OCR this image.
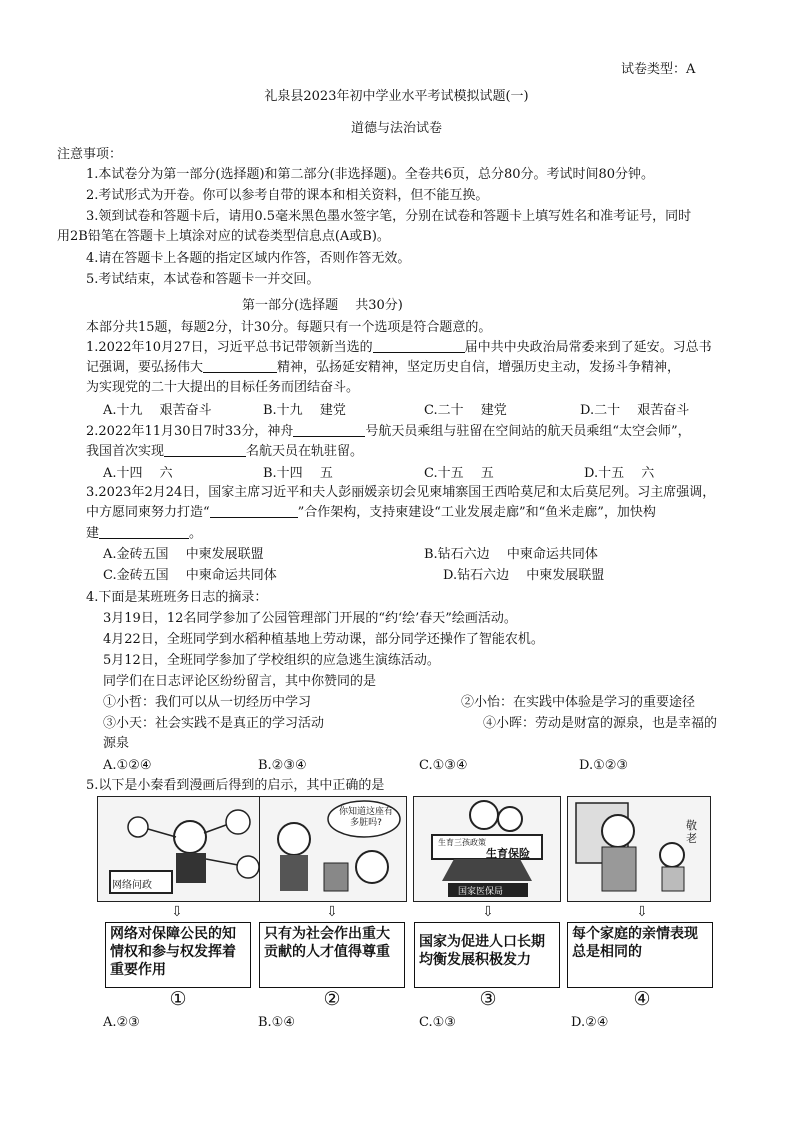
试卷类型：A
礼泉县2023年初中学业水平考试模拟试题(一)
道德与法治试卷
注意事项：
1.本试卷分为第一部分(选择题)和第二部分(非选择题)。全卷共6页，总分80分。考试时间80分钟。
2.考试形式为开卷。你可以参考自带的课本和相关资料，但不能互换。
3.领到试卷和答题卡后，请用0.5毫米黑色墨水签字笔，分别在试卷和答题卡上填写姓名和准考证号，同时
用2B铅笔在答题卡上填涂对应的试卷类型信息点(A或B)。
4.请在答题卡上各题的指定区域内作答，否则作答无效。
5.考试结束，本试卷和答题卡一并交回。
第一部分(选择题　 共30分)
本部分共15题，每题2分，计30分。每题只有一个选项是符合题意的。
1.2022年10月27日，习近平总书记带领新当选的	届中共中央政治局常委来到了延安。习总书
记强调，要弘扬伟大	精神，弘扬延安精神，坚定历史自信，增强历史主动，发扬斗争精神，
为实现党的二十大提出的目标任务而团结奋斗。
A.十九　 艰苦奋斗	B.十九　 建党	C.二十　 建党	D.二十　 艰苦奋斗
2.2022年11月30日7时33分，神舟	号航天员乘组与驻留在空间站的航天员乘组“太空会师”，
我国首次实现	名航天员在轨驻留。
A.十四　 六	B.十四　 五	C.十五　 五	D.十五　 六
3.2023年2月24日，国家主席习近平和夫人彭丽媛亲切会见柬埔寨国王西哈莫尼和太后莫尼列。习主席强调，
中方愿同柬努力打造“	”合作架构，支持柬建设“工业发展走廊”和“鱼米走廊”，加快构
建	。
A.金砖五国　 中柬发展联盟	B.钻石六边　 中柬命运共同体
C.金砖五国　 中柬命运共同体	D.钻石六边　 中柬发展联盟
4.下面是某班班务日志的摘录：
3月19日，12名同学参加了公园管理部门开展的“约‘绘’春天”绘画活动。
4月22日，全班同学到水稻种植基地上劳动课，部分同学还操作了智能农机。
5月12日，全班同学参加了学校组织的应急逃生演练活动。
同学们在日志评论区纷纷留言，其中你赞同的是
①小哲：我们可以从一切经历中学习	②小怡：在实践中体验是学习的重要途径
③小天：社会实践不是真正的学习活动	④小晖：劳动是财富的源泉，也是幸福的
源泉
A.①②④	B.②③④	C.①③④	D.①②③
5.以下是小秦看到漫画后得到的启示，其中正确的是
网络问政
你知道这座有多脏吗?
生育三孩政策
生育保险
国家医保局
敬老
⇩	⇩	⇩	⇩
网络对保障公民的知情权和参与权发挥着重要作用
只有为社会作出重大贡献的人才值得尊重
国家为促进人口长期均衡发展积极发力
每个家庭的亲情表现总是相同的
①	②	③	④
A.②③	B.①④	C.①③	D.②④
